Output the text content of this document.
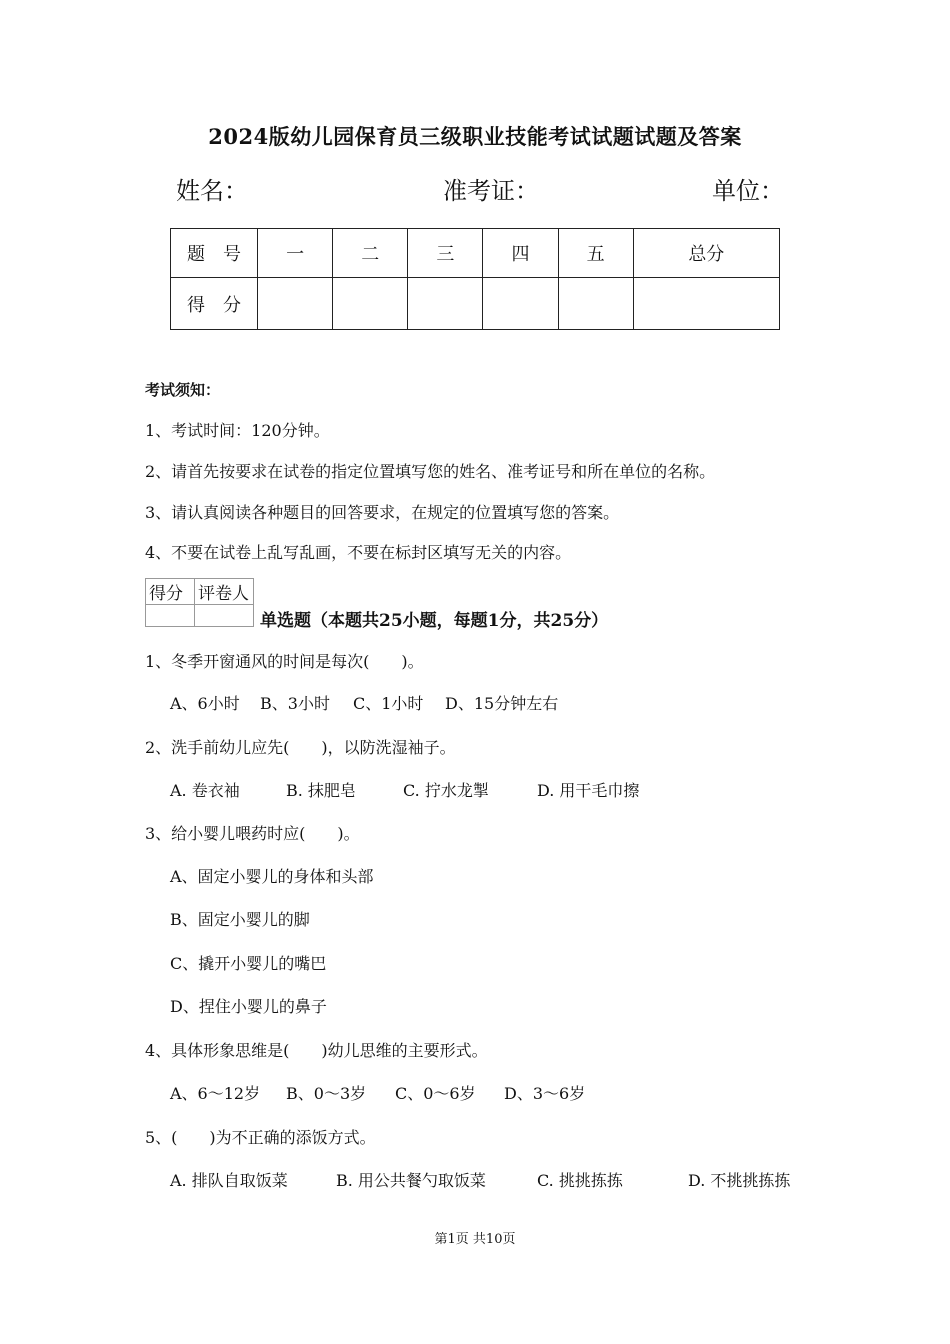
2024版幼儿园保育员三级职业技能考试试题试题及答案
姓名：	准考证：	单位：
题　号	一	二	三	四	五	总分
得　分						
考试须知：
1、考试时间：120分钟。
2、请首先按要求在试卷的指定位置填写您的姓名、准考证号和所在单位的名称。
3、请认真阅读各种题目的回答要求，在规定的位置填写您的答案。
4、不要在试卷上乱写乱画，不要在标封区填写无关的内容。
得分	评卷人

单选题（本题共25小题，每题1分，共25分）
1、冬季开窗通风的时间是每次(　　)。
A、6小时 B、3小时 C、1小时 D、15分钟左右
2、洗手前幼儿应先(　　)，以防洗湿袖子。
A. 卷衣袖	B. 抹肥皂	C. 拧水龙掣	D. 用干毛巾擦
3、给小婴儿喂药时应(　　)。
A、固定小婴儿的身体和头部
B、固定小婴儿的脚
C、撬开小婴儿的嘴巴
D、捏住小婴儿的鼻子
4、具体形象思维是(　　)幼儿思维的主要形式。
A、6～12岁 B、0～3岁 C、0～6岁 D、3～6岁
5、(　　)为不正确的添饭方式。
A. 排队自取饭菜	B. 用公共餐勺取饭菜	C. 挑挑拣拣	D. 不挑挑拣拣
第1页 共10页
